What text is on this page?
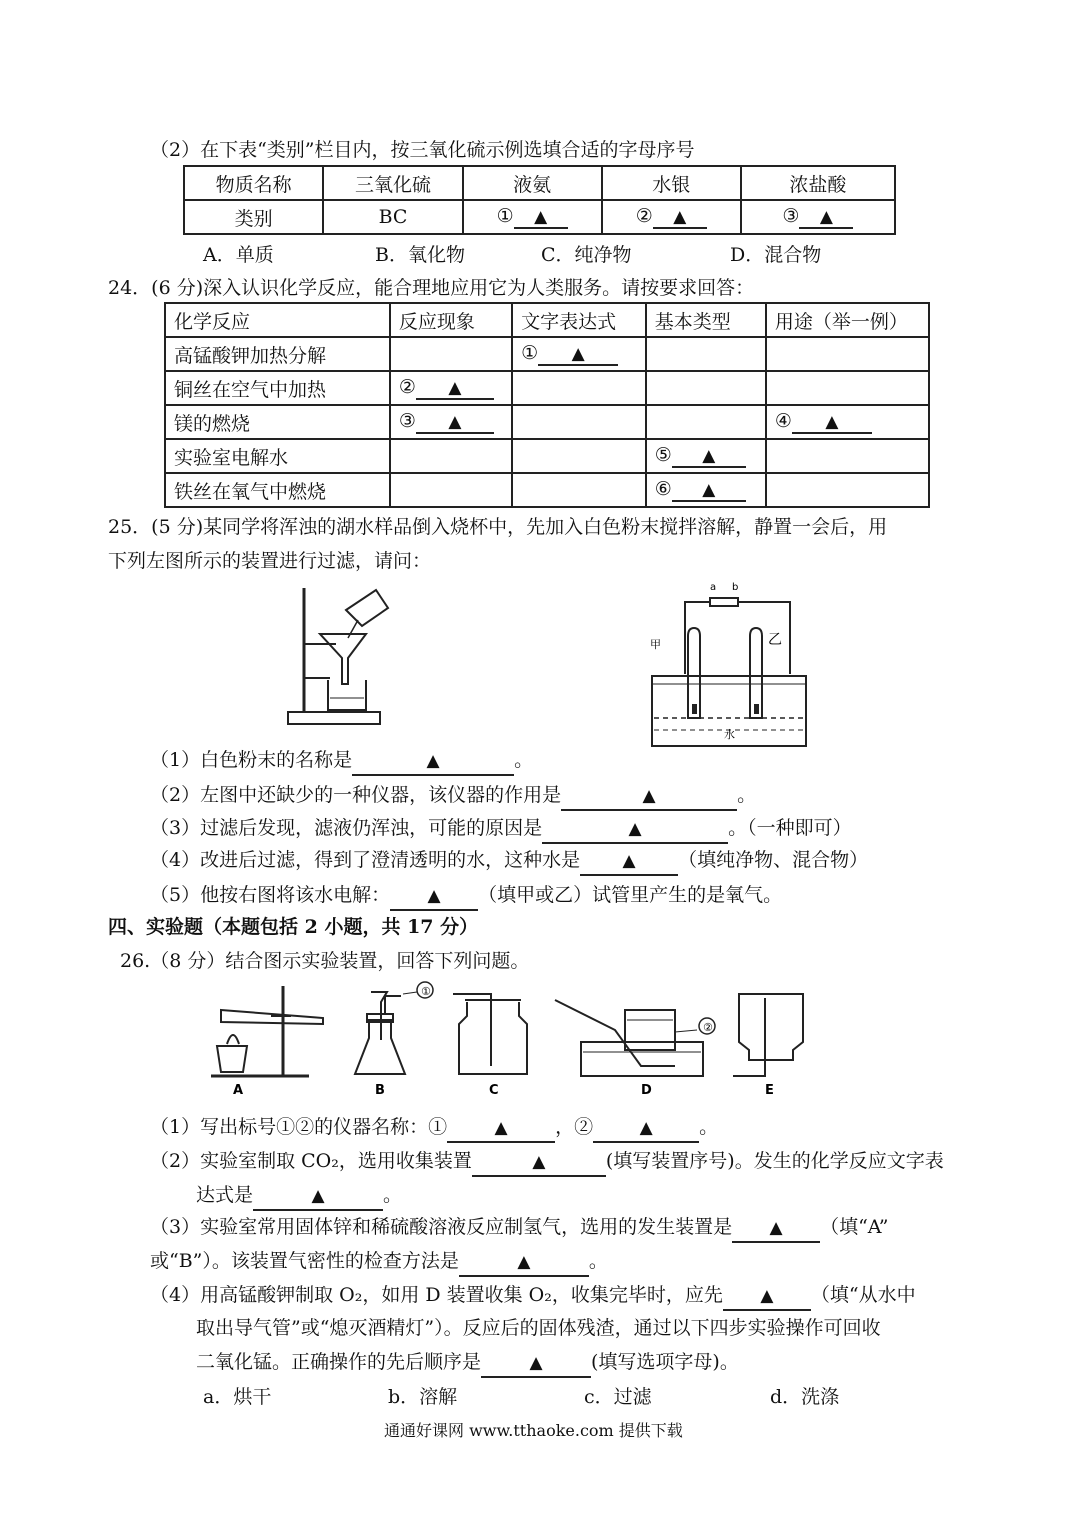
（2）在下表“类别”栏目内，按三氧化硫示例选填合适的字母序号
物质名称	三氧化硫	液氨	水银	浓盐酸
类别	BC	① ▲	② ▲	③ ▲
A．单质	B．氧化物	C．纯净物	D．混合物
24．(6 分)深入认识化学反应，能合理地应用它为人类服务。请按要求回答：
化学反应	反应现象	文字表达式	基本类型	用途（举一例）
高锰酸钾加热分解		① ▲		
铜丝在空气中加热	② ▲			
镁的燃烧	③ ▲			④ ▲
实验室电解水			⑤ ▲	
铁丝在氧气中燃烧			⑥ ▲	
25．(5 分)某同学将浑浊的湖水样品倒入烧杯中，先加入白色粉末搅拌溶解，静置一会后，用
下列左图所示的装置进行过滤，请问：
a b
甲	乙
水
（1）白色粉末的名称是	▲	。
（2）左图中还缺少的一种仪器，该仪器的作用是	▲	。
（3）过滤后发现，滤液仍浑浊，可能的原因是	▲	。（一种即可）
（4）改进后过滤，得到了澄清透明的水，这种水是 ▲ （填纯净物、混合物）
（5）他按右图将该水电解： ▲ （填甲或乙）试管里产生的是氧气。
四、实验题（本题包括 2 小题，共 17 分）
26.（8 分）结合图示实验装置，回答下列问题。
A
①
B	C
②
D	E
（1）写出标号①②的仪器名称：①	▲ ，②	▲ 。
（2）实验室制取 CO₂，选用收集装置	▲	(填写装置序号)。发生的化学反应文字表
达式是	▲	。
（3）实验室常用固体锌和稀硫酸溶液反应制氢气，选用的发生装置是 ▲ （填“A”
或“B”）。该装置气密性的检查方法是	▲	。
（4）用高锰酸钾制取 O₂，如用 D 装置收集 O₂，收集完毕时，应先 ▲ （填“从水中
取出导气管”或“熄灭酒精灯”）。反应后的固体残渣，通过以下四步实验操作可回收
二氧化锰。正确操作的先后顺序是	▲	(填写选项字母)。
a．烘干	b．溶解	c．过滤	d．洗涤
通通好课网 www.tthaoke.com 提供下载
